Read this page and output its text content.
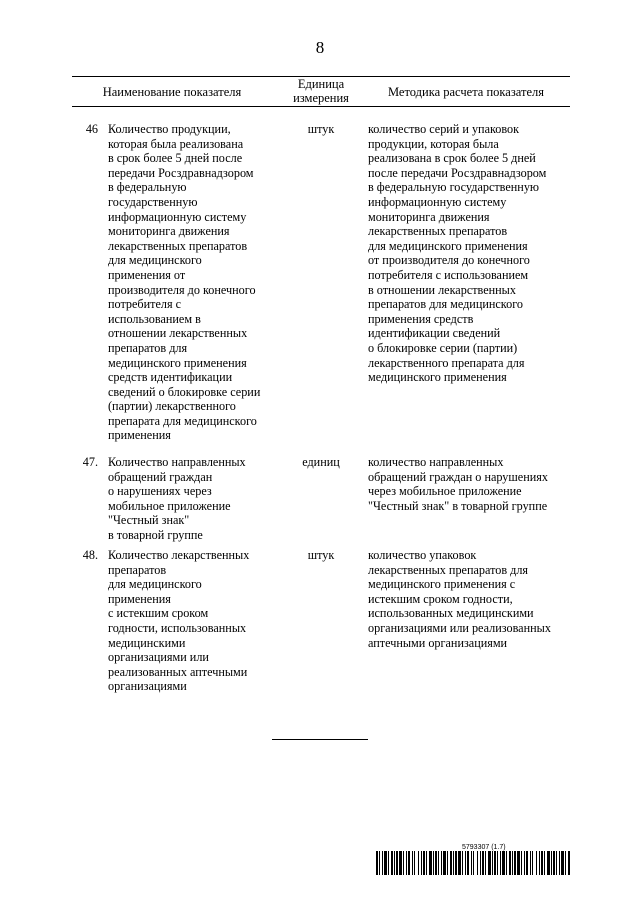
8
Наименование показателя
Единица измерения	Методика расчета показателя
46 Количество продукции,
которая была реализована
в срок более 5 дней после
передачи Росздравнадзором
в федеральную
государственную
информационную систему
мониторинга движения
лекарственных препаратов
для медицинского
применения от
производителя до конечного
потребителя с
использованием в
отношении лекарственных
препаратов для
медицинского применения
средств идентификации
сведений о блокировке серии
(партии) лекарственного
препарата для медицинского
применения
штук	количество серий и упаковок
продукции, которая была
реализована в срок более 5 дней
после передачи Росздравнадзором
в федеральную государственную
информационную систему
мониторинга движения
лекарственных препаратов
для медицинского применения
от производителя до конечного
потребителя с использованием
в отношении лекарственных
препаратов для медицинского
применения средств
идентификации сведений
о блокировке серии (партии)
лекарственного препарата для
медицинского применения
47. Количество направленных
обращений граждан
о нарушениях через
мобильное приложение
"Честный знак"
в товарной группе
единиц	количество направленных
обращений граждан о нарушениях
через мобильное приложение
"Честный знак" в товарной группе
48. Количество лекарственных
препаратов
для медицинского
применения
с истекшим сроком
годности, использованных
медицинскими
организациями или
реализованных аптечными
организациями
штук	количество упаковок
лекарственных препаратов для
медицинского применения с
истекшим сроком годности,
использованных медицинскими
организациями или реализованных
аптечными организациями
5793307 (1.7)
